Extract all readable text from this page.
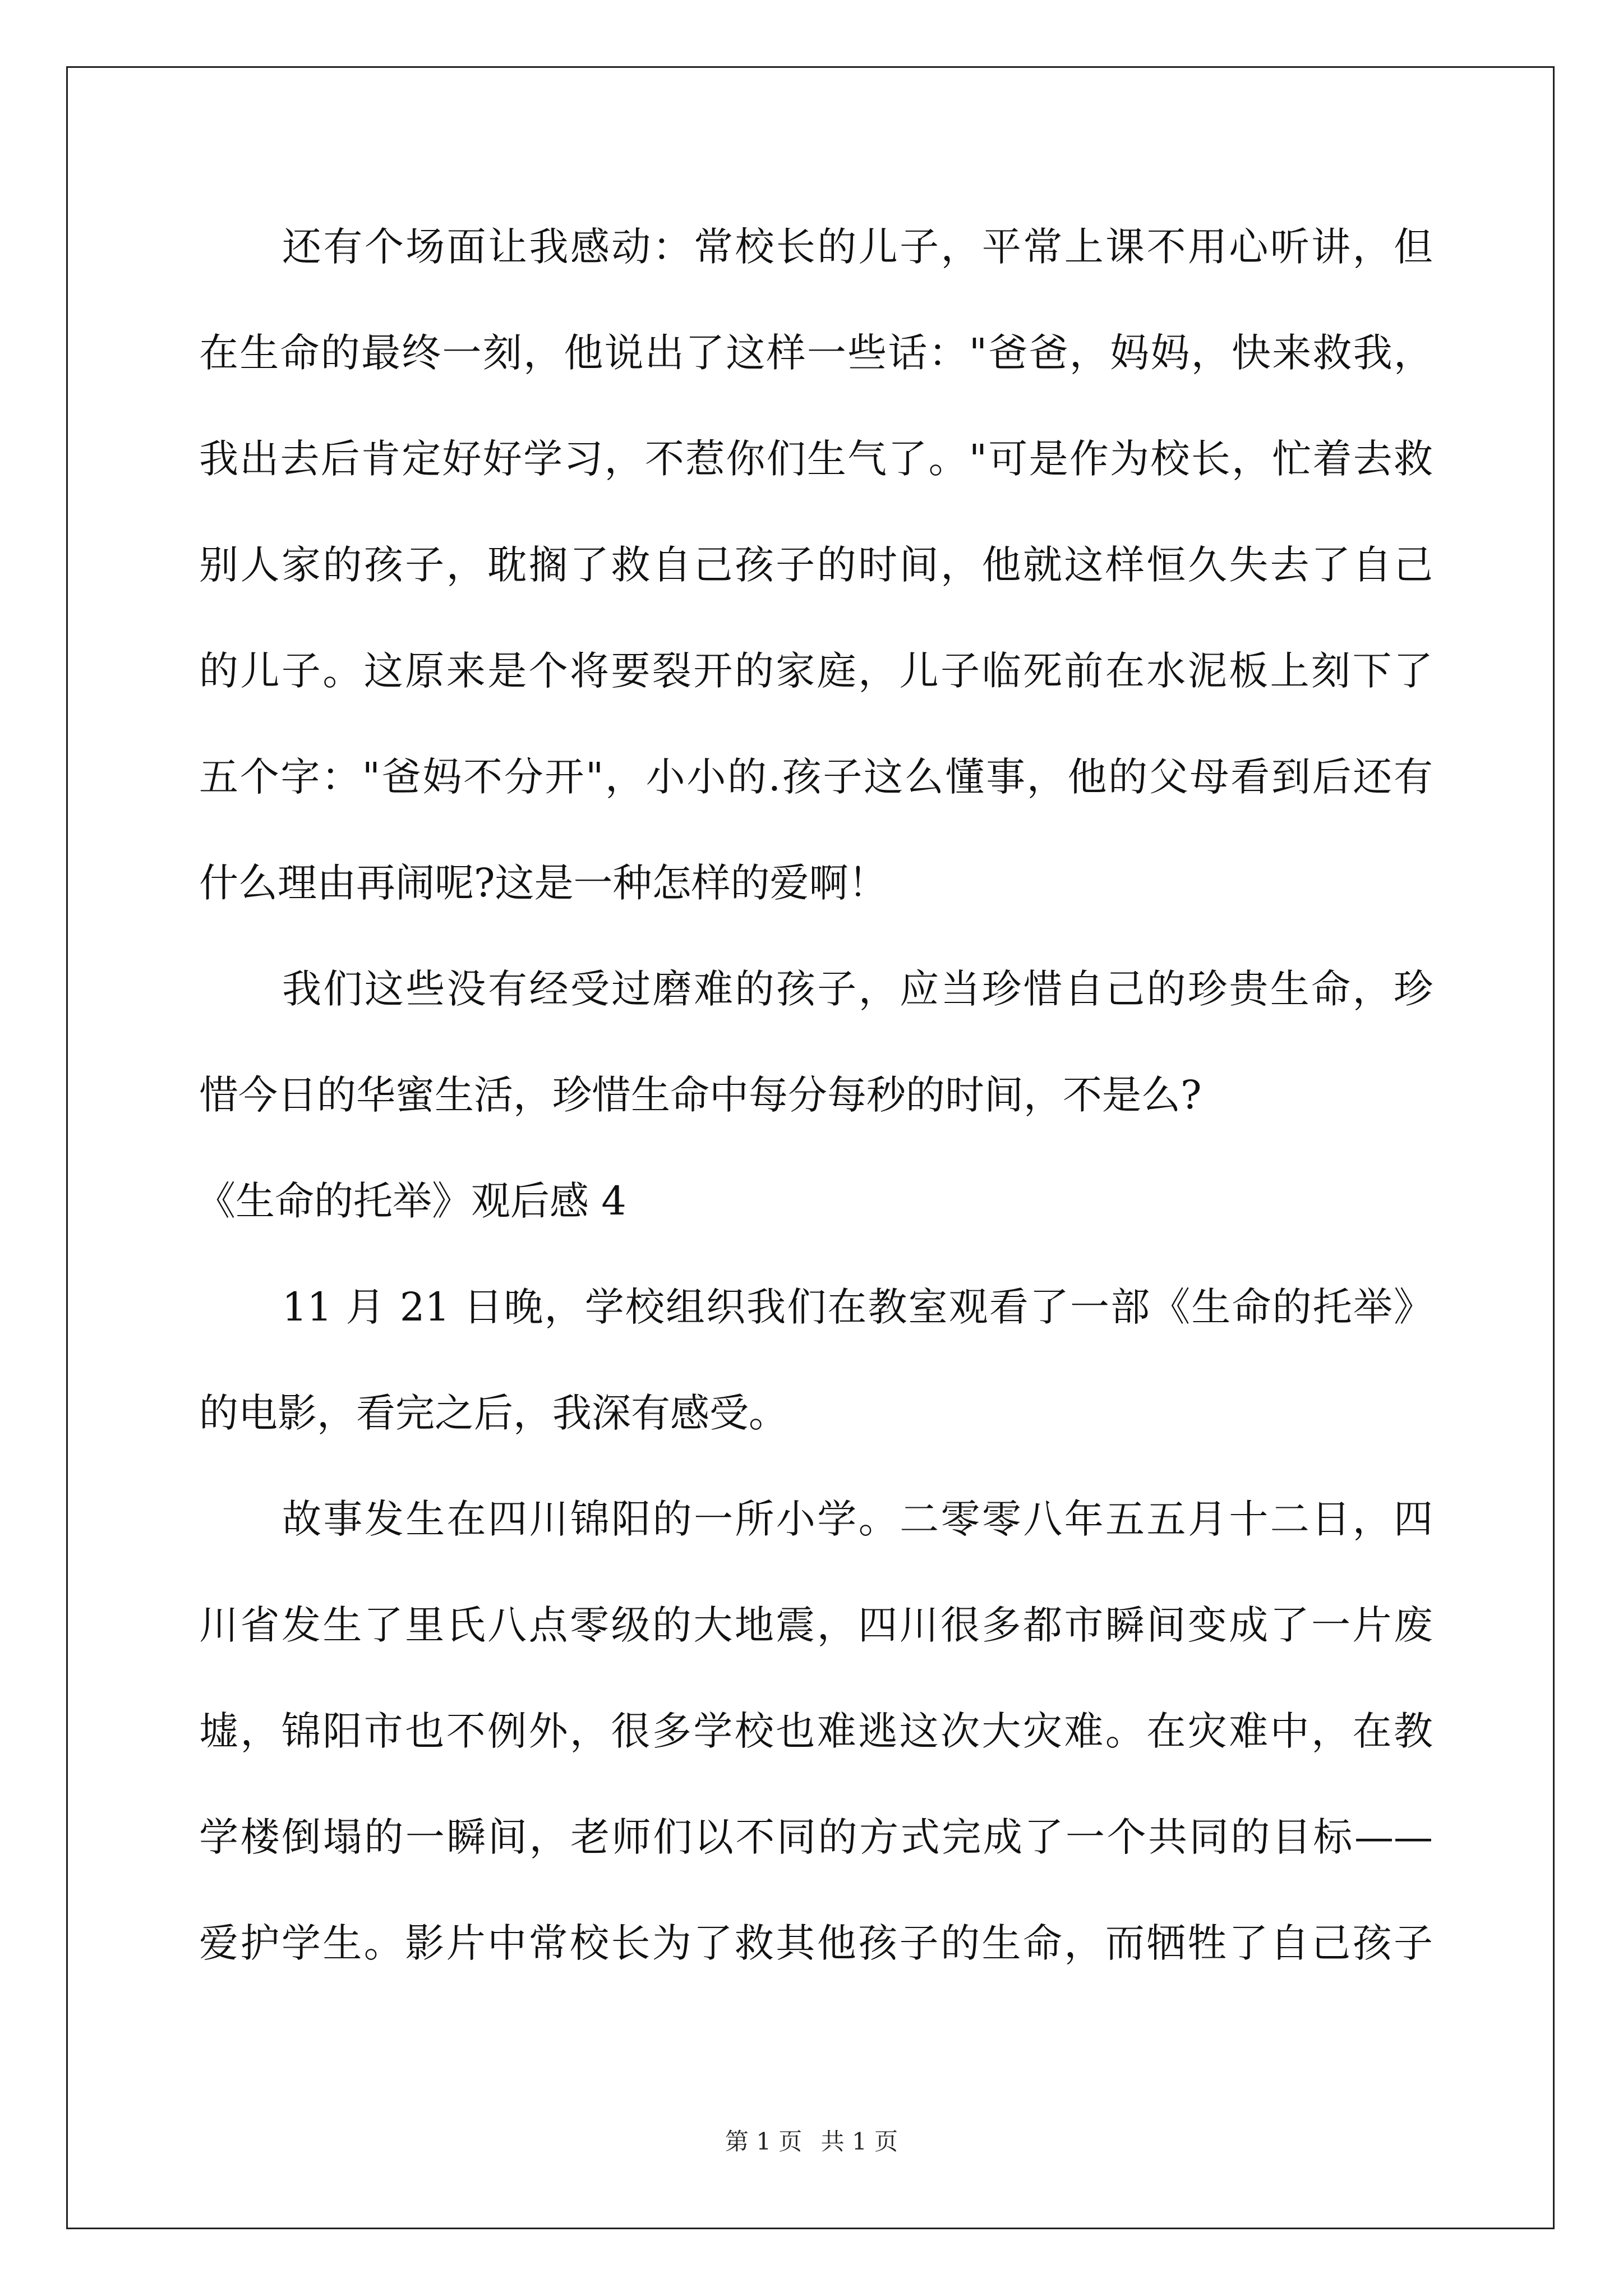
还有个场面让我感动：常校长的儿子，平常上课不用心听讲，但
在生命的最终一刻，他说出了这样一些话："爸爸，妈妈，快来救我，
我出去后肯定好好学习，不惹你们生气了。"可是作为校长，忙着去救
别人家的孩子，耽搁了救自己孩子的时间，他就这样恒久失去了自己
的儿子。这原来是个将要裂开的家庭，儿子临死前在水泥板上刻下了
五个字："爸妈不分开"，小小的.孩子这么懂事，他的父母看到后还有
什么理由再闹呢?这是一种怎样的爱啊！
我们这些没有经受过磨难的孩子，应当珍惜自己的珍贵生命，珍
惜今日的华蜜生活，珍惜生命中每分每秒的时间，不是么?
《生命的托举》观后感 4
11 月 21 日晚，学校组织我们在教室观看了一部《生命的托举》
的电影，看完之后，我深有感受。
故事发生在四川锦阳的一所小学。二零零八年五五月十二日，四
川省发生了里氏八点零级的大地震，四川很多都市瞬间变成了一片废
墟，锦阳市也不例外，很多学校也难逃这次大灾难。在灾难中，在教
学楼倒塌的一瞬间，老师们以不同的方式完成了一个共同的目标——
爱护学生。影片中常校长为了救其他孩子的生命，而牺牲了自己孩子
第 1 页 共 1 页
